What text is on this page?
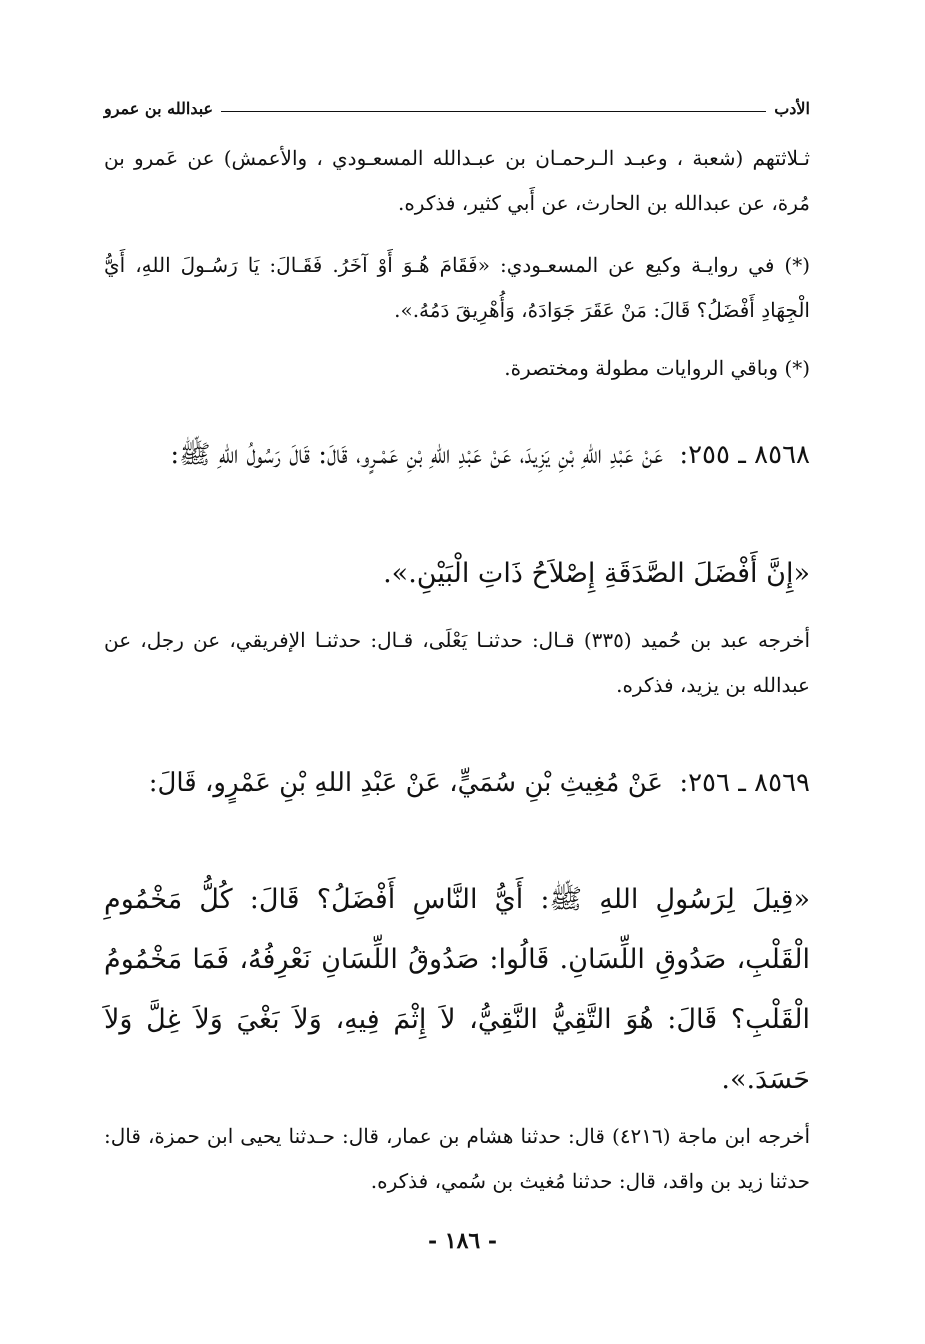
الأدب
عبدالله بن عمرو
ثـلاثتهم (شعبة ، وعبـد الـرحمـان بن عبـدالله المسعـودي ، والأعمش) عن عَمرو بن مُرة، عن عبدالله بن الحارث، عن أَبي كثير، فذكره.
(*) في روايـة وكيع عن المسعـودي: «فَقَامَ هُـوَ أَوْ آخَرُ. فَقَـالَ: يَا رَسُـولَ اللهِ، أَيُّ الْجِهَادِ أَفْضَلُ؟ قَالَ: مَنْ عَقَرَ جَوَادَهُ، وَأُهْرِيقَ دَمُهُ.».
(*) وباقي الروايات مطولة ومختصرة.
٨٥٦٨ ـ ٢٥٥: عَنْ عَبْدِ اللهِ بْنِ يَزِيدَ، عَنْ عَبْدِ اللهِ بْنِ عَمْـرٍو، قَالَ: قَالَ رَسُولُ اللهِ ﷺ:
«إِنَّ أَفْضَلَ الصَّدَقَةِ إِصْلاَحُ ذَاتِ الْبَيْنِ.».
أخرجه عبد بن حُميد (٣٣٥) قـال: حدثنـا يَعْلَى، قـال: حدثنـا الإفريقي، عن رجل، عن عبدالله بن يزيد، فذكره.
٨٥٦٩ ـ ٢٥٦: عَنْ مُغِيثِ بْنِ سُمَيٍّ، عَنْ عَبْدِ اللهِ بْنِ عَمْرٍو، قَالَ:
«قِيلَ لِرَسُولِ اللهِ ﷺ: أَيُّ النَّاسِ أَفْضَلُ؟ قَالَ: كُلُّ مَخْمُومِ الْقَلْبِ، صَدُوقِ اللِّسَانِ. قَالُوا: صَدُوقُ اللِّسَانِ نَعْرِفُهُ، فَمَا مَخْمُومُ الْقَلْبِ؟ قَالَ: هُوَ التَّقِيُّ النَّقِيُّ، لاَ إِثْمَ فِيهِ، وَلاَ بَغْيَ وَلاَ غِلَّ وَلاَ حَسَدَ.».
أخرجه ابن ماجة (٤٢١٦) قال: حدثنا هشام بن عمار، قال: حـدثنا يحيى ابن حمزة، قال: حدثنا زيد بن واقد، قال: حدثنا مُغيث بن سُمي، فذكره.
- ١٨٦ -
